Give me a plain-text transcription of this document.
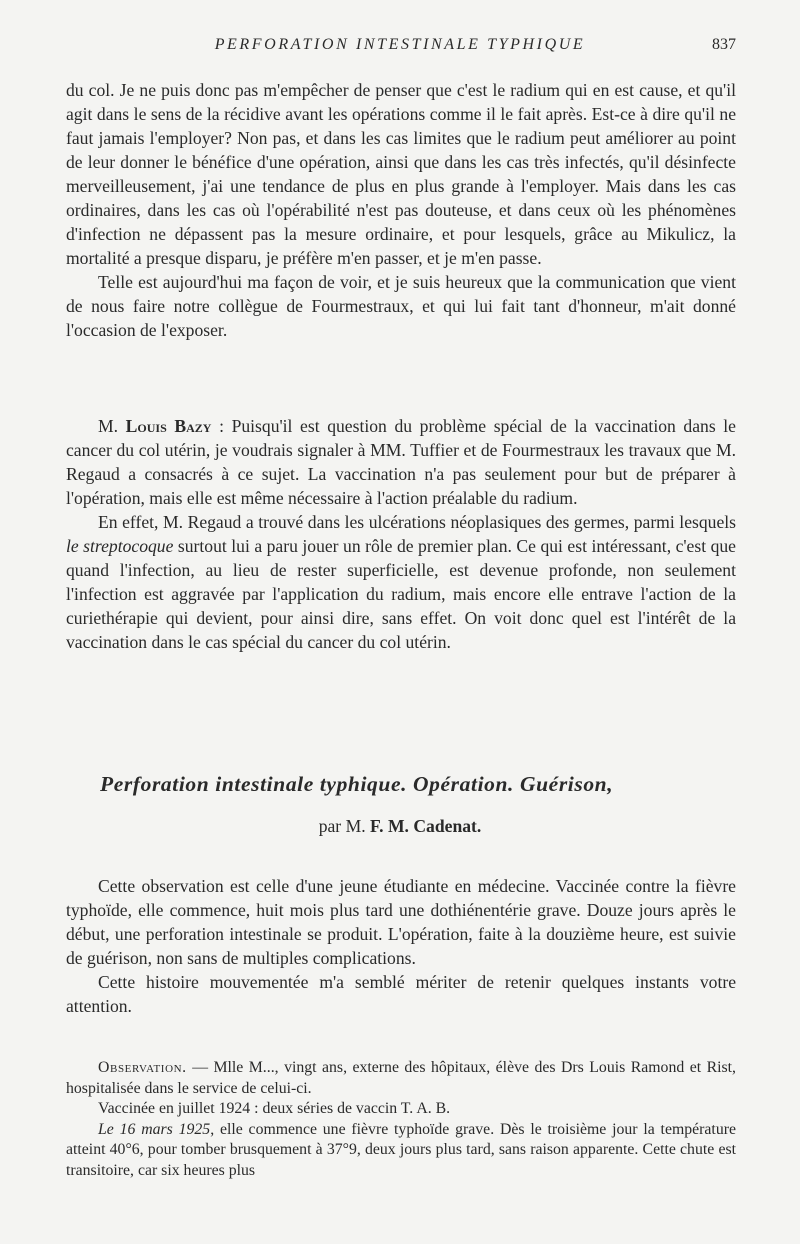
PERFORATION INTESTINALE TYPHIQUE	837

du col. Je ne puis donc pas m'empêcher de penser que c'est le radium qui en est cause, et qu'il agit dans le sens de la récidive avant les opérations comme il le fait après. Est-ce à dire qu'il ne faut jamais l'employer? Non pas, et dans les cas limites que le radium peut améliorer au point de leur donner le bénéfice d'une opération, ainsi que dans les cas très infectés, qu'il désinfecte merveilleusement, j'ai une tendance de plus en plus grande à l'employer. Mais dans les cas ordinaires, dans les cas où l'opérabilité n'est pas douteuse, et dans ceux où les phénomènes d'infection ne dépassent pas la mesure ordinaire, et pour lesquels, grâce au Mikulicz, la mortalité a presque disparu, je préfère m'en passer, et je m'en passe.

Telle est aujourd'hui ma façon de voir, et je suis heureux que la communication que vient de nous faire notre collègue de Fourmestraux, et qui lui fait tant d'honneur, m'ait donné l'occasion de l'exposer.

M. Louis Bazy : Puisqu'il est question du problème spécial de la vaccination dans le cancer du col utérin, je voudrais signaler à MM. Tuffier et de Fourmestraux les travaux que M. Regaud a consacrés à ce sujet. La vaccination n'a pas seulement pour but de préparer à l'opération, mais elle est même nécessaire à l'action préalable du radium.

En effet, M. Regaud a trouvé dans les ulcérations néoplasiques des germes, parmi lesquels le streptocoque surtout lui a paru jouer un rôle de premier plan. Ce qui est intéressant, c'est que quand l'infection, au lieu de rester superficielle, est devenue profonde, non seulement l'infection est aggravée par l'application du radium, mais encore elle entrave l'action de la curiethérapie qui devient, pour ainsi dire, sans effet. On voit donc quel est l'intérêt de la vaccination dans le cas spécial du cancer du col utérin.

Perforation intestinale typhique. Opération. Guérison,
par M. F. M. Cadenat.

Cette observation est celle d'une jeune étudiante en médecine. Vaccinée contre la fièvre typhoïde, elle commence, huit mois plus tard une dothiénentérie grave. Douze jours après le début, une perforation intestinale se produit. L'opération, faite à la douzième heure, est suivie de guérison, non sans de multiples complications.

Cette histoire mouvementée m'a semblé mériter de retenir quelques instants votre attention.

Observation. — Mlle M..., vingt ans, externe des hôpitaux, élève des Drs Louis Ramond et Rist, hospitalisée dans le service de celui-ci.

Vaccinée en juillet 1924 : deux séries de vaccin T. A. B.

Le 16 mars 1925, elle commence une fièvre typhoïde grave. Dès le troisième jour la température atteint 40°6, pour tomber brusquement à 37°9, deux jours plus tard, sans raison apparente. Cette chute est transitoire, car six heures plus
